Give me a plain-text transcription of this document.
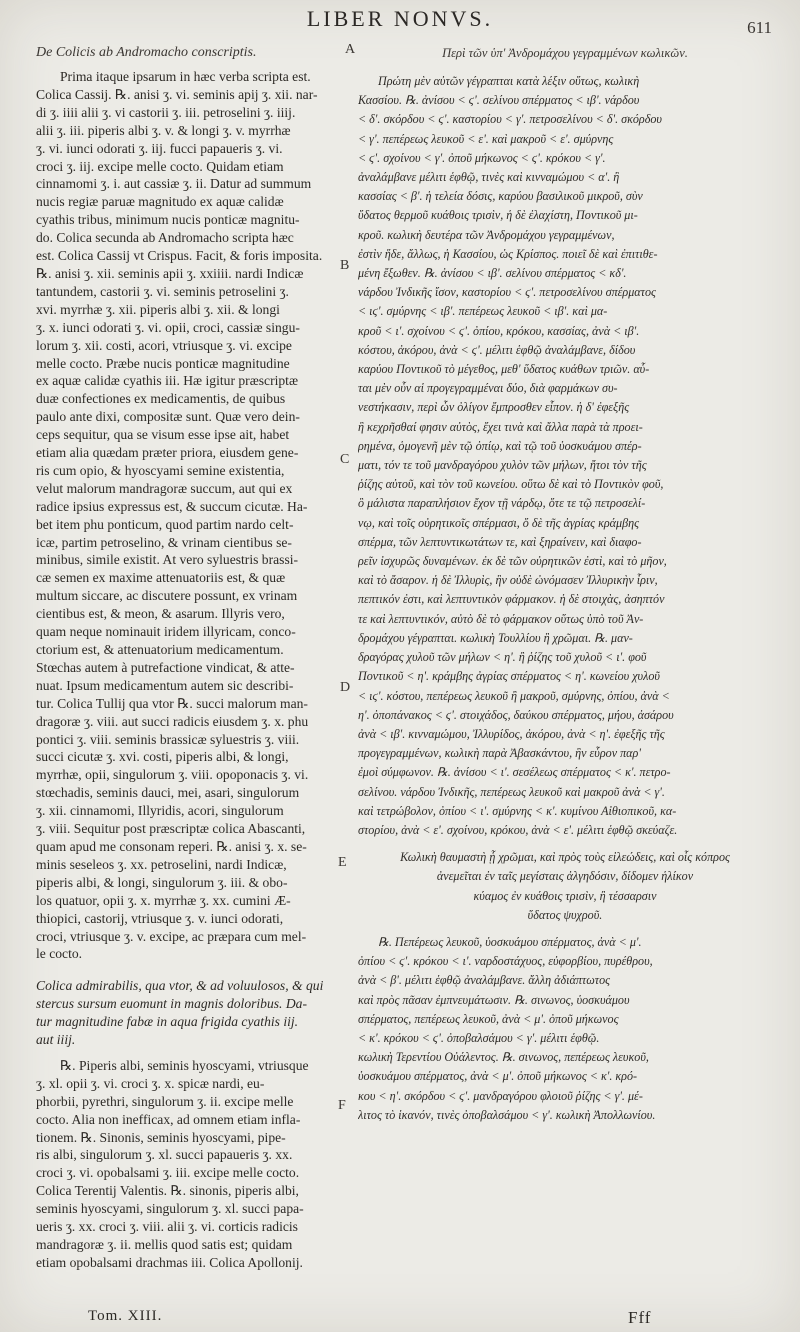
LIBER NONVS.	611
A
B
C
D
E
F
De Colicis ab Andromacho conscriptis.
Prima itaque ipsarum in hæc verba scripta est.
Colica Cassij. ℞. anisi ʒ. vi. seminis apij ʒ. xii. nar-
di ʒ. iiii alii ʒ. vi castorii ʒ. iii. petroselini ʒ. iiij.
alii ʒ. iii. piperis albi ʒ. v. & longi ʒ. v. myrrhæ
ʒ. vi. iunci odorati ʒ. iij. fucci papaueris ʒ. vi.
croci ʒ. iij. excipe melle cocto. Quidam etiam
cinnamomi ʒ. i. aut cassiæ ʒ. ii. Datur ad summum
nucis regiæ paruæ magnitudo ex aquæ calidæ
cyathis tribus, minimum nucis ponticæ magnitu-
do. Colica secunda ab Andromacho scripta hæc
est. Colica Cassij vt Crispus. Facit, & foris imposita.
℞. anisi ʒ. xii. seminis apii ʒ. xxiiii. nardi Indicæ
tantundem, castorii ʒ. vi. seminis petroselini ʒ.
xvi. myrrhæ ʒ. xii. piperis albi ʒ. xii. & longi
ʒ. x. iunci odorati ʒ. vi. opii, croci, cassiæ singu-
lorum ʒ. xii. costi, acori, vtriusque ʒ. vi. excipe
melle cocto. Præbe nucis ponticæ magnitudine
ex aquæ calidæ cyathis iii. Hæ igitur præscriptæ
duæ confectiones ex medicamentis, de quibus
paulo ante dixi, compositæ sunt. Quæ vero dein-
ceps sequitur, qua se visum esse ipse ait, habet
etiam alia quædam præter priora, eiusdem gene-
ris cum opio, & hyoscyami semine existentia,
velut malorum mandragoræ succum, aut qui ex
radice ipsius expressus est, & succum cicutæ. Ha-
bet item phu ponticum, quod partim nardo celt-
icæ, partim petroselino, & vrinam cientibus se-
minibus, simile existit. At vero syluestris brassi-
cæ semen ex maxime attenuatoriis est, & quæ
multum siccare, ac discutere possunt, ex vrinam
cientibus est, & meon, & asarum. Illyris vero,
quam neque nominauit iridem illyricam, conco-
ctorium est, & attenuatorium medicamentum.
Stœchas autem à putrefactione vindicat, & atte-
nuat. Ipsum medicamentum autem sic describi-
tur. Colica Tullij qua vtor ℞. succi malorum man-
dragoræ ʒ. viii. aut succi radicis eiusdem ʒ. x. phu
pontici ʒ. viii. seminis brassicæ syluestris ʒ. viii.
succi cicutæ ʒ. xvi. costi, piperis albi, & longi,
myrrhæ, opii, singulorum ʒ. viii. opoponacis ʒ. vi.
stœchadis, seminis dauci, mei, asari, singulorum
ʒ. xii. cinnamomi, Illyridis, acori, singulorum
ʒ. viii. Sequitur post præscriptæ colica Abascanti,
quam apud me consonam reperi. ℞. anisi ʒ. x. se-
minis seseleos ʒ. xx. petroselini, nardi Indicæ,
piperis albi, & longi, singulorum ʒ. iii. & obo-
los quatuor, opii ʒ. x. myrrhæ ʒ. xx. cumini Æ-
thiopici, castorij, vtriusque ʒ. v. iunci odorati,
croci, vtriusque ʒ. v. excipe, ac præpara cum mel-
le cocto.
Colica admirabilis, qua vtor, & ad voluulosos, & qui
stercus sursum euomunt in magnis doloribus. Da-
tur magnitudine fabæ in aqua frigida cyathis iij.
aut iiij.
℞. Piperis albi, seminis hyoscyami, vtriusque
ʒ. xl. opii ʒ. vi. croci ʒ. x. spicæ nardi, eu-
phorbii, pyrethri, singulorum ʒ. ii. excipe melle
cocto. Alia non inefficax, ad omnem etiam infla-
tionem. ℞. Sinonis, seminis hyoscyami, pipe-
ris albi, singulorum ʒ. xl. succi papaueris ʒ. xx.
croci ʒ. vi. opobalsami ʒ. iii. excipe melle cocto.
Colica Terentij Valentis. ℞. sinonis, piperis albi,
seminis hyoscyami, singulorum ʒ. xl. succi papa-
ueris ʒ. xx. croci ʒ. viii. alii ʒ. vi. corticis radicis
mandragoræ ʒ. ii. mellis quod satis est; quidam
etiam opobalsami drachmas iii. Colica Apollonij.
Περὶ τῶν ὑπ' Ἀνδρομάχου γεγραμμένων κωλικῶν.
Πρώτη μὲν αὐτῶν γέγραπται κατὰ λέξιν οὕτως, κωλικὴ
Κασσίου. ℞. ἀνίσου < ϛ'. σελίνου σπέρματος < ιβ'. νάρδου
< δ'. σκόρδου < ϛ'. καστορίου < γ'. πετροσελίνου < δ'. σκόρδου
< γ'. πεπέρεως λευκοῦ < ε'. καὶ μακροῦ < ε'. σμύρνης
< ϛ'. σχοίνου < γ'. ὀποῦ μήκωνος < ϛ'. κρόκου < γ'.
ἀναλάμβανε μέλιτι ἑφθῷ, τινὲς καὶ κινναμώμου < α'. ἢ
κασσίας < β'. ἡ τελεία δόσις, καρύου βασιλικοῦ μικροῦ, σὺν
ὕδατος θερμοῦ κυάθοις τρισὶν, ἡ δὲ ἐλαχίστη, Ποντικοῦ μι-
κροῦ. κωλικὴ δευτέρα τῶν Ἀνδρομάχου γεγραμμένων,
ἐστὶν ἥδε, ἄλλως, ἡ Κασσίου, ὡς Κρίσπος. ποιεῖ δὲ καὶ ἐπιτιθε-
μένη ἔξωθεν. ℞. ἀνίσου < ιβ'. σελίνου σπέρματος < κδ'.
νάρδου Ἰνδικῆς ἴσον, καστορίου < ϛ'. πετροσελίνου σπέρματος
< ιϛ'. σμύρνης < ιβ'. πεπέρεως λευκοῦ < ιβ'. καὶ μα-
κροῦ < ι'. σχοίνου < ϛ'. ὀπίου, κρόκου, κασσίας, ἀνὰ < ιβ'.
κόστου, ἀκόρου, ἀνὰ < ϛ'. μέλιτι ἑφθῷ ἀναλάμβανε, δίδου
καρύου Ποντικοῦ τὸ μέγεθος, μεθ' ὕδατος κυάθων τριῶν. αὗ-
ται μὲν οὖν αἱ προγεγραμμέναι δύο, διὰ φαρμάκων συ-
νεστήκασιν, περὶ ὧν ὀλίγον ἔμπροσθεν εἶπον. ἡ δ' ἐφεξῆς
ἣ κεχρῆσθαί φησιν αὐτὸς, ἔχει τινὰ καὶ ἄλλα παρὰ τὰ προει-
ρημένα, ὁμογενῆ μὲν τῷ ὀπίῳ, καὶ τῷ τοῦ ὑοσκυάμου σπέρ-
ματι, τόν τε τοῦ μανδραγόρου χυλὸν τῶν μήλων, ἤτοι τὸν τῆς
ῥίζης αὐτοῦ, καὶ τὸν τοῦ κωνείου. οὕτω δὲ καὶ τὸ Ποντικὸν φοῦ,
ὃ μάλιστα παραπλήσιον ἔχον τῇ νάρδῳ, ὅτε τε τῷ πετροσελί-
νῳ, καὶ τοῖς οὐρητικοῖς σπέρμασι, ὅ δὲ τῆς ἀγρίας κράμβης
σπέρμα, τῶν λεπτυντικωτάτων τε, καὶ ξηραίνειν, καὶ διαφο-
ρεῖν ἰσχυρῶς δυναμένων. ἐκ δὲ τῶν οὐρητικῶν ἐστὶ, καὶ τὸ μῆον,
καὶ τὸ ἄσαρον. ἡ δὲ Ἰλλυρὶς, ἣν οὐδὲ ὠνόμασεν Ἰλλυρικὴν ἶριν,
πεπτικόν ἐστι, καὶ λεπτυντικὸν φάρμακον. ἡ δὲ στοιχὰς, ἀσηπτόν
τε καὶ λεπτυντικόν, αὐτὸ δὲ τὸ φάρμακον οὕτως ὑπὸ τοῦ Ἀν-
δρομάχου γέγραπται. κωλικὴ Τουλλίου ἣ χρῶμαι. ℞. μαν-
δραγόρας χυλοῦ τῶν μήλων < η'. ἢ ῥίζης τοῦ χυλοῦ < ι'. φοῦ
Ποντικοῦ < η'. κράμβης ἀγρίας σπέρματος < η'. κωνείου χυλοῦ
< ιϛ'. κόστου, πεπέρεως λευκοῦ ἢ μακροῦ, σμύρνης, ὀπίου, ἀνὰ <
η'. ὀποπάνακος < ϛ'. στοιχάδος, δαύκου σπέρματος, μήου, ἀσάρου
ἀνὰ < ιβ'. κινναμώμου, Ἰλλυρίδος, ἀκόρου, ἀνὰ < η'. ἐφεξῆς τῆς
προγεγραμμένων, κωλικὴ παρὰ Ἀβασκάντου, ἣν εὗρον παρ'
ἐμοὶ σύμφωνον. ℞. ἀνίσου < ι'. σεσέλεως σπέρματος < κ'. πετρο-
σελίνου. νάρδου Ἰνδικῆς, πεπέρεως λευκοῦ καὶ μακροῦ ἀνὰ < γ'.
καὶ τετρώβολον, ὀπίου < ι'. σμύρνης < κ'. κυμίνου Αἰθιοπικοῦ, κα-
στορίου, ἀνὰ < ε'. σχοίνου, κρόκου, ἀνὰ < ε'. μέλιτι ἑφθῷ σκεύαζε.
Κωλικὴ θαυμαστὴ ᾗ χρῶμαι, καὶ πρὸς τοὺς εἰλεώδεις, καὶ οἷς κόπρος
ἀνεμεῖται ἐν ταῖς μεγίσταις ἀλγηδόσιν, δίδομεν ἡλίκον
κύαμος ἐν κυάθοις τρισὶν, ἢ τέσσαρσιν
ὕδατος ψυχροῦ.
℞. Πεπέρεως λευκοῦ, ὑοσκυάμου σπέρματος, ἀνὰ < μ'.
ὀπίου < ϛ'. κρόκου < ι'. ναρδοστάχυος, εὐφορβίου, πυρέθρου,
ἀνὰ < β'. μέλιτι ἑφθῷ ἀναλάμβανε. ἄλλη ἀδιάπτωτος
καὶ πρὸς πᾶσαν ἐμπνευμάτωσιν. ℞. σινωνος, ὑοσκυάμου
σπέρματος, πεπέρεως λευκοῦ, ἀνὰ < μ'. ὀποῦ μήκωνος
< κ'. κρόκου < ϛ'. ὀποβαλσάμου < γ'. μέλιτι ἑφθῷ.
κωλικὴ Τερεντίου Οὐάλεντος. ℞. σινωνος, πεπέρεως λευκοῦ,
ὑοσκυάμου σπέρματος, ἀνὰ < μ'. ὀποῦ μήκωνος < κ'. κρό-
κου < η'. σκόρδου < ϛ'. μανδραγόρου φλοιοῦ ῥίζης < γ'. μέ-
λιτος τὸ ἱκανόν, τινὲς ὀποβαλσάμου < γ'. κωλικὴ Ἀπολλωνίου.
Tom. XIII.	Fff
